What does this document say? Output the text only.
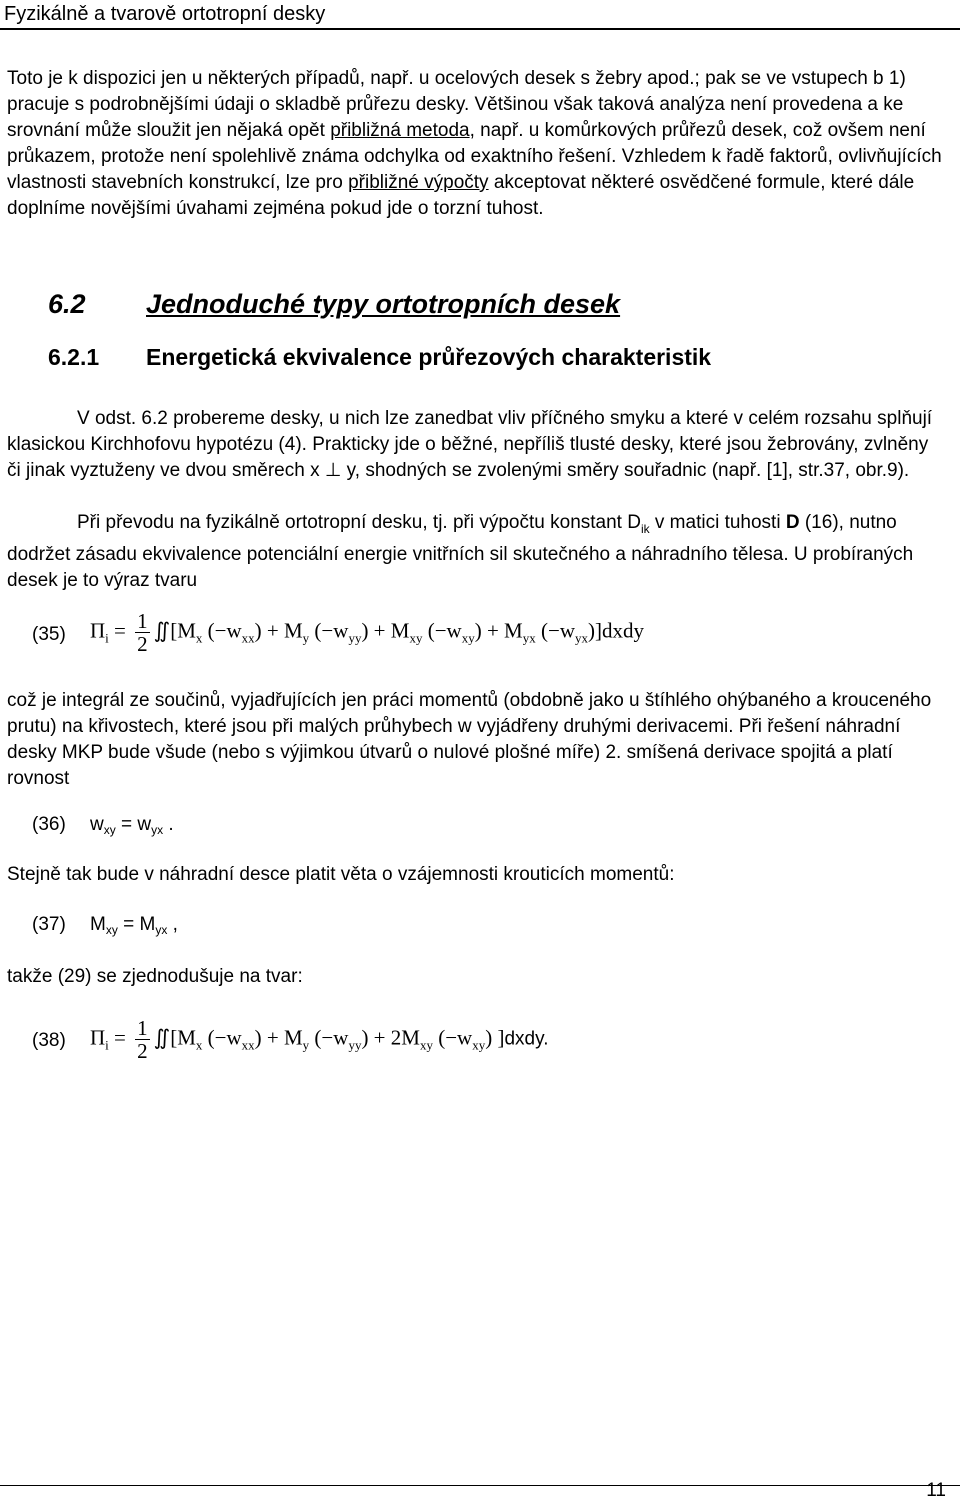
Fyzikálně a tvarově ortotropní desky

Toto je k dispozici jen u některých případů, např. u ocelových desek s žebry apod.; pak se ve vstupech b 1) pracuje s podrobnějšími údaji o skladbě průřezu desky. Většinou však taková analýza není provedena a ke srovnání může sloužit jen nějaká opět přibližná metoda, např. u komůrkových průřezů desek, což ovšem není průkazem, protože není spolehlivě známa odchylka od exaktního řešení. Vzhledem k řadě faktorů, ovlivňujících vlastnosti stavebních konstrukcí, lze pro přibližné výpočty akceptovat některé osvědčené formule, které dále doplníme novějšími úvahami zejména pokud jde o torzní tuhost.

6.2 Jednoduché typy ortotropních desek
6.2.1 Energetická ekvivalence průřezových charakteristik

V odst. 6.2 probereme desky, u nich lze zanedbat vliv příčného smyku a které v celém rozsahu splňují klasickou Kirchhofovu hypotézu (4). Prakticky jde o běžné, nepříliš tlusté desky, které jsou žebrovány, zvlněny či jinak vyztuženy ve dvou směrech x ⊥ y, shodných se zvolenými směry souřadnic (např. [1], str.37, obr.9).

Při převodu na fyzikálně ortotropní desku, tj. při výpočtu konstant $D_{ik}$ v matici tuhosti D (16), nutno dodržet zásadu ekvivalence potenciální energie vnitřních sil skutečného a náhradního tělesa. U probíraných desek je to výraz tvaru

(35) $\Pi_i = \frac{1}{2}$ $∬[M_x$ $(-w_{xx}) + M_y$ $(-w_{yy}) + M_{xy}$ $(-w_{xy}) + M_{yx}$ $(-w_{yx})]dxdy$

což je integrál ze součinů, vyjadřujících jen práci momentů (obdobně jako u štíhlého ohýbaného a krouceného prutu) na křivostech, které jsou při malých průhybech w vyjádřeny druhými derivacemi. Při řešení náhradní desky MKP bude všude (nebo s výjimkou útvarů o nulové plošné míře) 2. smíšená derivace spojitá a platí rovnost

(36) $w_{xy} = w_{yx}$ .

Stejně tak bude v náhradní desce platit věta o vzájemnosti krouticích momentů:

(37) $M_{xy} = M_{yx}$ ,

takže (29) se zjednodušuje na tvar:

(38) $\Pi_i = \frac{1}{2}$ $∬[M_x$ $(-w_{xx}) + M_y$ $(-w_{yy}) + 2M_{xy}$ $(-w_{xy})$ ]dxdy.
11
